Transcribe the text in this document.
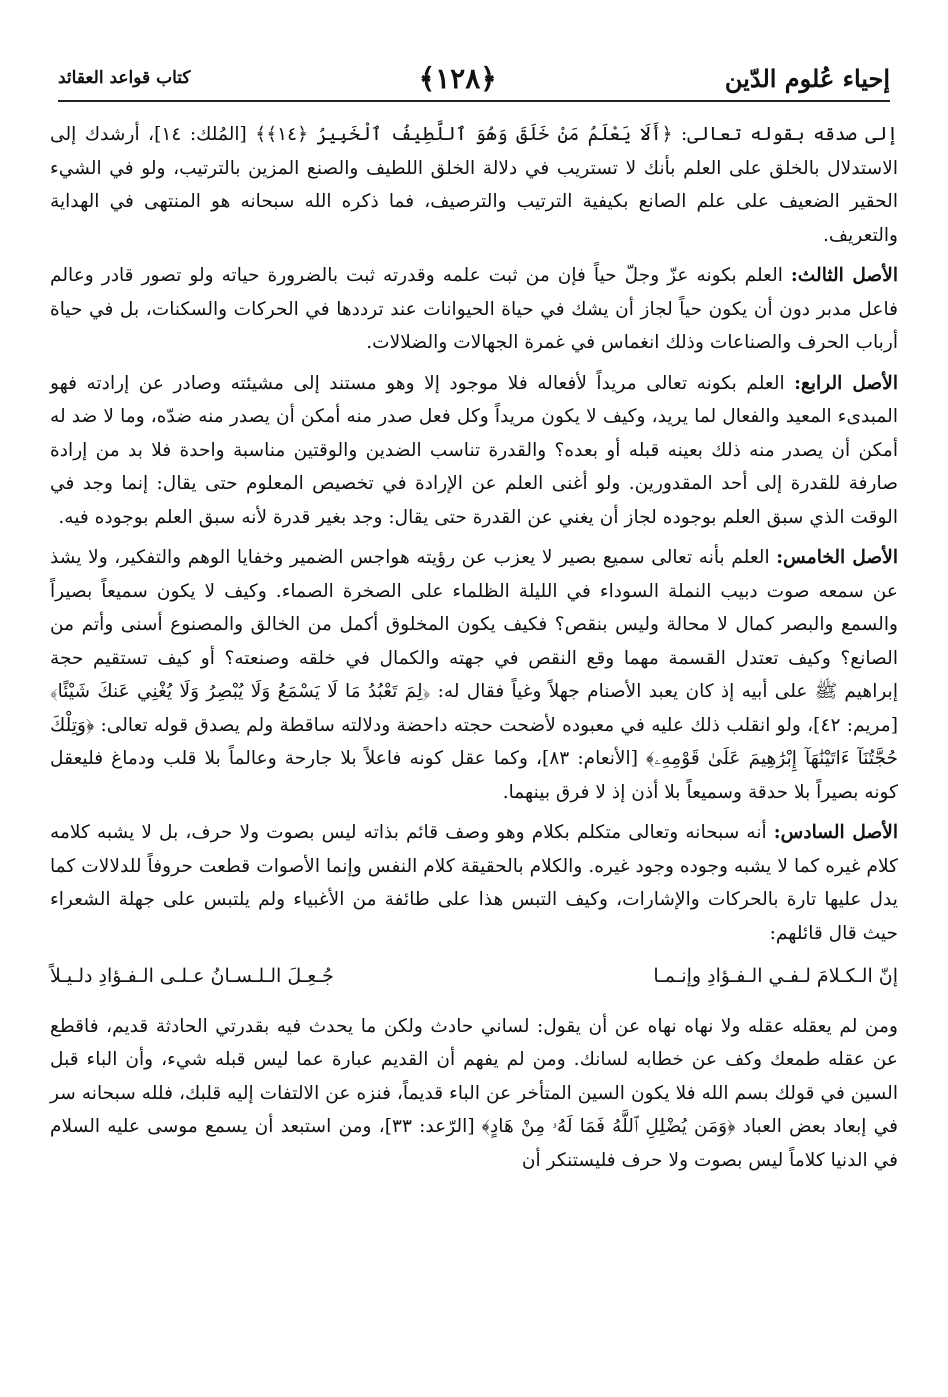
إحياء عُلوم الدّين
﴿١٢٨﴾
كتاب قواعد العقائد

إلى صدقه بقوله تعالى: ﴿أَلَا يَعْلَمُ مَنْ خَلَقَ وَهُوَ ٱللَّطِيفُ ٱلْخَبِيرُ ﴿١٤﴾﴾ [المُلك: ١٤]، أرشدك إلى الاستدلال بالخلق على العلم بأنك لا تستريب في دلالة الخلق اللطيف والصنع المزين بالترتيب، ولو في الشيء الحقير الضعيف على علم الصانع بكيفية الترتيب والترصيف، فما ذكره الله سبحانه هو المنتهى في الهداية والتعريف.

الأصل الثالث: العلم بكونه عزّ وجلّ حياً فإن من ثبت علمه وقدرته ثبت بالضرورة حياته ولو تصور قادر وعالم فاعل مدبر دون أن يكون حياً لجاز أن يشك في حياة الحيوانات عند ترددها في الحركات والسكنات، بل في حياة أرباب الحرف والصناعات وذلك انغماس في غمرة الجهالات والضلالات.

الأصل الرابع: العلم بكونه تعالى مريداً لأفعاله فلا موجود إلا وهو مستند إلى مشيئته وصادر عن إرادته فهو المبدىء المعيد والفعال لما يريد، وكيف لا يكون مريداً وكل فعل صدر منه أمكن أن يصدر منه ضدّه، وما لا ضد له أمكن أن يصدر منه ذلك بعينه قبله أو بعده؟ والقدرة تناسب الضدين والوقتين مناسبة واحدة فلا بد من إرادة صارفة للقدرة إلى أحد المقدورين. ولو أغنى العلم عن الإرادة في تخصيص المعلوم حتى يقال: إنما وجد في الوقت الذي سبق العلم بوجوده لجاز أن يغني عن القدرة حتى يقال: وجد بغير قدرة لأنه سبق العلم بوجوده فيه.

الأصل الخامس: العلم بأنه تعالى سميع بصير لا يعزب عن رؤيته هواجس الضمير وخفايا الوهم والتفكير، ولا يشذ عن سمعه صوت دبيب النملة السوداء في الليلة الظلماء على الصخرة الصماء. وكيف لا يكون سميعاً بصيراً والسمع والبصر كمال لا محالة وليس بنقص؟ فكيف يكون المخلوق أكمل من الخالق والمصنوع أسنى وأتم من الصانع؟ وكيف تعتدل القسمة مهما وقع النقص في جهته والكمال في خلقه وصنعته؟ أو كيف تستقيم حجة إبراهيم ﷺ على أبيه إذ كان يعبد الأصنام جهلاً وغياً فقال له: ﴿لِمَ تَعْبُدُ مَا لَا يَسْمَعُ وَلَا يُبْصِرُ وَلَا يُغْنِي عَنكَ شَيْئًا﴾ [مريم: ٤٢]، ولو انقلب ذلك عليه في معبوده لأضحت حجته داحضة ودلالته ساقطة ولم يصدق قوله تعالى: ﴿وَتِلْكَ حُجَّتُنَآ ءَاتَيْنَٰهَآ إِبْرَٰهِيمَ عَلَىٰ قَوْمِهِۦ﴾ [الأنعام: ٨٣]، وكما عقل كونه فاعلاً بلا جارحة وعالماً بلا قلب ودماغ فليعقل كونه بصيراً بلا حدقة وسميعاً بلا أذن إذ لا فرق بينهما.

الأصل السادس: أنه سبحانه وتعالى متكلم بكلام وهو وصف قائم بذاته ليس بصوت ولا حرف، بل لا يشبه كلامه كلام غيره كما لا يشبه وجوده وجود غيره. والكلام بالحقيقة كلام النفس وإنما الأصوات قطعت حروفاً للدلالات كما يدل عليها تارة بالحركات والإشارات، وكيف التبس هذا على طائفة من الأغبياء ولم يلتبس على جهلة الشعراء حيث قال قائلهم:

إنّ الـكـلامَ لـفـي الـفـؤادِ وإنـمـا
جُـعِـلَ الـلـسـانُ عـلـى الـفـؤادِ دلـيـلاً

ومن لم يعقله عقله ولا نهاه نهاه عن أن يقول: لساني حادث ولكن ما يحدث فيه بقدرتي الحادثة قديم، فاقطع عن عقله طمعك وكف عن خطابه لسانك. ومن لم يفهم أن القديم عبارة عما ليس قبله شيء، وأن الباء قبل السين في قولك بسم الله فلا يكون السين المتأخر عن الباء قديماً، فنزه عن الالتفات إليه قلبك، فلله سبحانه سر في إبعاد بعض العباد ﴿وَمَن يُضْلِلِ ٱللَّهُ فَمَا لَهُۥ مِنْ هَادٍ﴾ [الرّعد: ٣٣]، ومن استبعد أن يسمع موسى عليه السلام في الدنيا كلاماً ليس بصوت ولا حرف فليستنكر أن
